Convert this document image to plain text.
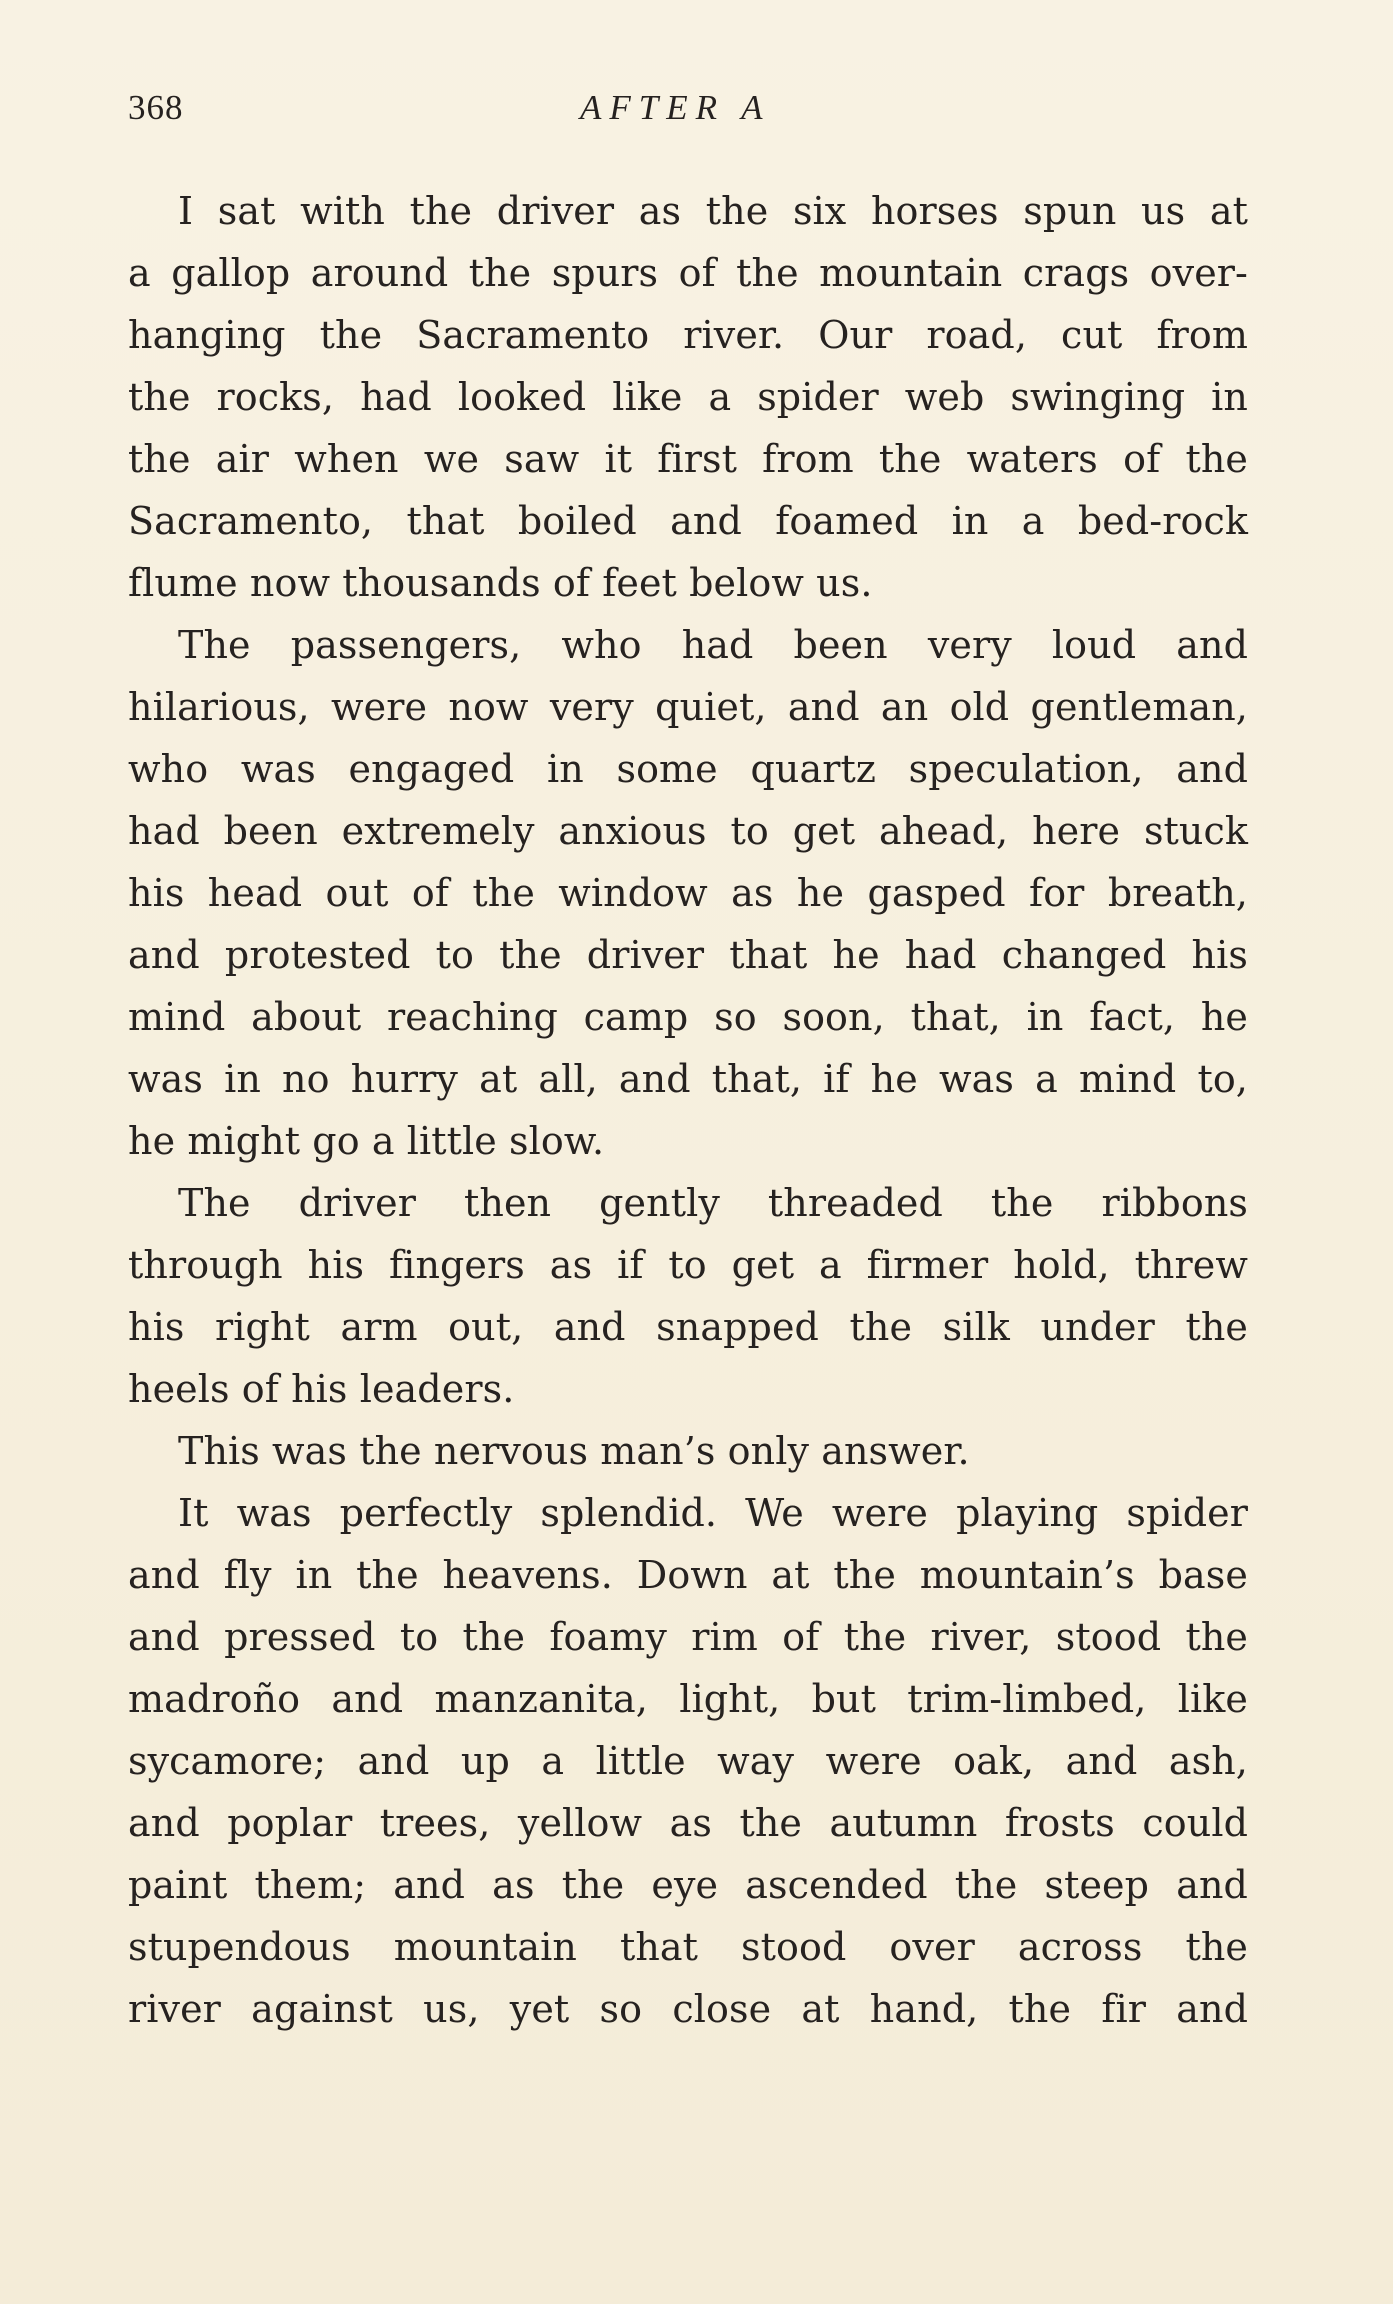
368	AFTER A
I sat with the driver as the six horses spun us at
a gallop around the spurs of the mountain crags over-
hanging the Sacramento river. Our road, cut from
the rocks, had looked like a spider web swinging in
the air when we saw it first from the waters of the
Sacramento, that boiled and foamed in a bed-rock
flume now thousands of feet below us.
The passengers, who had been very loud and
hilarious, were now very quiet, and an old gentleman,
who was engaged in some quartz speculation, and
had been extremely anxious to get ahead, here stuck
his head out of the window as he gasped for breath,
and protested to the driver that he had changed his
mind about reaching camp so soon, that, in fact, he
was in no hurry at all, and that, if he was a mind to,
he might go a little slow.
The driver then gently threaded the ribbons
through his fingers as if to get a firmer hold, threw
his right arm out, and snapped the silk under the
heels of his leaders.
This was the nervous man’s only answer.
It was perfectly splendid. We were playing spider
and fly in the heavens. Down at the mountain’s base
and pressed to the foamy rim of the river, stood the
madroño and manzanita, light, but trim-limbed, like
sycamore; and up a little way were oak, and ash,
and poplar trees, yellow as the autumn frosts could
paint them; and as the eye ascended the steep and
stupendous mountain that stood over across the
river against us, yet so close at hand, the fir and
